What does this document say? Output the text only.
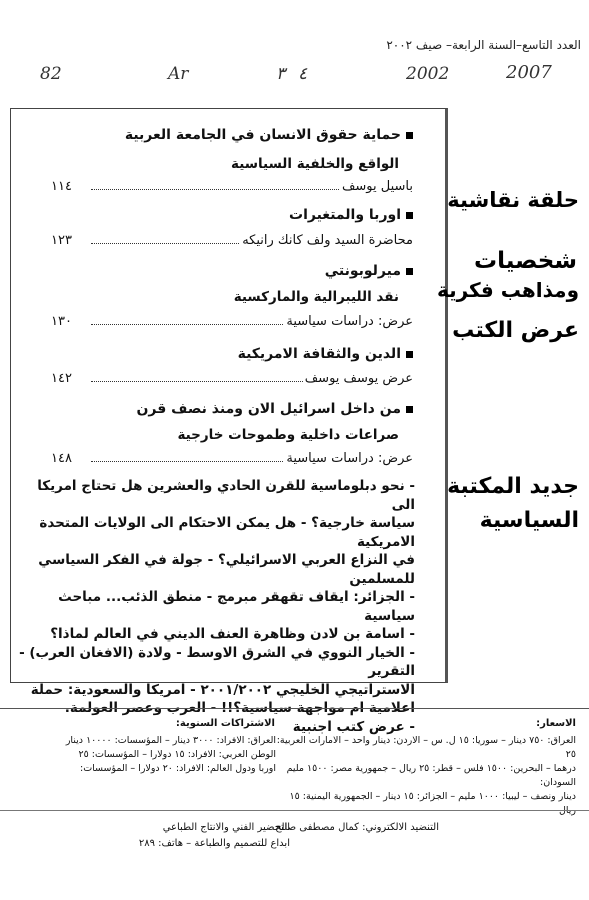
العدد التاسع–السنة الرابعة– صيف ٢٠٠٢
2007
2002
٤
٣
Ar
82
حماية حقوق الانسان في الجامعة العربية
الواقع والخلفية السياسية
باسيل يوسف
١١٤
اوربا والمتغيرات
محاضرة السيد ولف كانك رانيكه
١٢٣
ميرلوبونتي
نقد الليبرالية والماركسية
عرض: دراسات سياسية
١٣٠
الدين والثقافة الامريكية
عرض يوسف يوسف
١٤٢
من داخل اسرائيل الان ومنذ نصف قرن
صراعات داخلية وطموحات خارجية
عرض: دراسات سياسية
١٤٨
- نحو دبلوماسية للقرن الحادي والعشرين هل تحتاج امريكا الى
سياسة خارجية؟ - هل يمكن الاحتكام الى الولايات المتحدة الامريكية
في النزاع العربي الاسرائيلي؟ - جولة في الفكر السياسي للمسلمين
- الجزائر: ايقاف تقهقر مبرمج - منطق الذئب... مباحث سياسية
- اسامة بن لادن وظاهرة العنف الديني في العالم لماذا؟
- الخيار النووي في الشرق الاوسط - ولادة (الافغان العرب) - التقرير
الاستراتيجي الخليجي ٢٠٠١/٢٠٠٢ - امريكا والسعودية: حملة
اعلامية ام مواجهة سياسية؟!! - العرب وعصر العولمة.
- عرض كتب اجنبية
حلقة نقاشية
شخصيات
ومذاهب فكرية
عرض الكتب
جديد المكتبة
السياسية
الاسعار:
العراق: ٧٥٠ دينار – سوريا: ١٥ ل. س – الاردن: دينار واحد – الامارات العربية: ٢٥
درهما – البحرين: ١٥٠٠ فلس – قطر: ٢٥ ريال – جمهورية مصر: ١٥٠٠ مليم السودان:
دينار ونصف – ليبيا: ١٠٠٠ مليم – الجزائر: ١٥ دينار – الجمهورية اليمنية: ١٥ ريال
الاشتراكات السنوية:
العراق: الافراد: ٣٠٠٠ دينار – المؤسسات: ١٠٠٠٠ دينار
الوطن العربي: الافراد: ١٥ دولارا – المؤسسات: ٢٥
اوربا ودول العالم: الافراد: ٢٠ دولارا – المؤسسات:
التنضيد الالكتروني: كمال مصطفى صالح
التحضير الفني والانتاج الطباعي
ابداع للتصميم والطباعة – هاتف: ٢٨٩
